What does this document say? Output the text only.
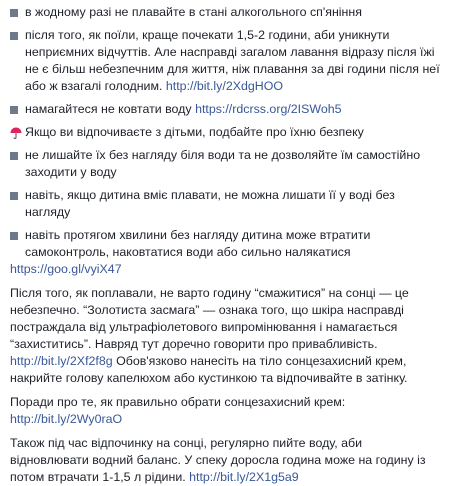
в жодному разі не плавайте в стані алкогольного сп'яніння
після того, як поїли, краще почекати 1,5-2 години, аби уникнути неприємних відчуттів. Але насправді загалом лавання відразу після їжі не є більш небезпечним для життя, ніж плавання за дві години після неї або ж взагалі голодним. http://bit.ly/2XdgHOO
намагайтеся не ковтати воду https://rdcrss.org/2ISWoh5
Якщо ви відпочиваєте з дітьми, подбайте про їхню безпеку
не лишайте їх без нагляду біля води та не дозволяйте їм самостійно заходити у воду
навіть, якщо дитина вміє плавати, не можна лишати її у воді без нагляду
навіть протягом хвилини без нагляду дитина може втратити самоконтроль, наковтатися води або сильно налякатися
https://goo.gl/vyiX47
Після того, як поплавали, не варто годину “смажитися” на сонці — це небезпечно. “Золотиста засмага” — ознака того, що шкіра насправді постраждала від ультрафіолетового випромінювання і намагається “захиститись”. Навряд тут доречно говорити про привабливість.
http://bit.ly/2Xf2f8g Обов'язково нанесіть на тіло сонцезахисний крем, накрийте голову капелюхом або кустинкою та відпочивайте в затінку.
Поради про те, як правильно обрати сонцезахисний крем:
http://bit.ly/2Wy0raO
Також під час відпочинку на сонці, регулярно пийте воду, аби відновлювати водний баланс. У спеку доросла година може на годину із потом втрачати 1-1,5 л рідини. http://bit.ly/2X1g5a9
